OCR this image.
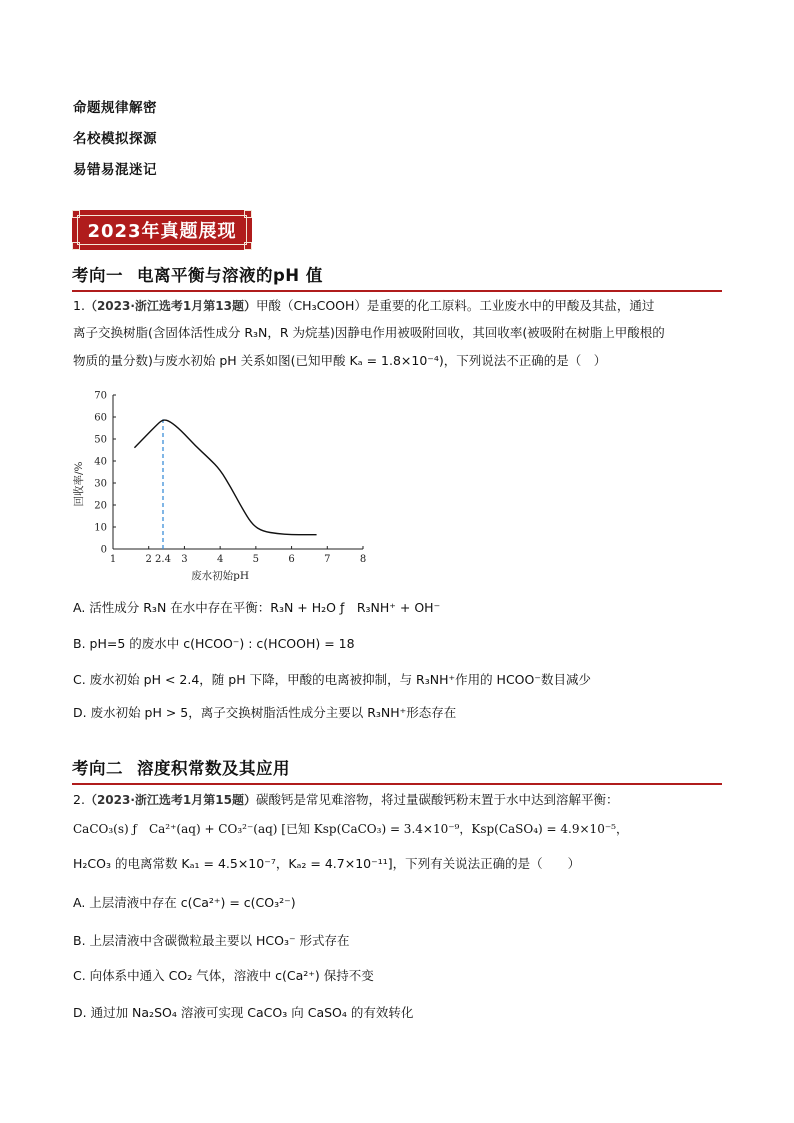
命题规律解密
名校模拟探源
易错易混迷记
2023年真题展现
考向一 电离平衡与溶液的pH 值
1.（2023·浙江选考1月第13题）甲酸（CH₃COOH）是重要的化工原料。工业废水中的甲酸及其盐，通过
离子交换树脂(含固体活性成分 R₃N，R 为烷基)因静电作用被吸附回收，其回收率(被吸附在树脂上甲酸根的
物质的量分数)与废水初始 pH 关系如图(已知甲酸 Kₐ = 1.8×10⁻⁴)，下列说法不正确的是（　）
1	2 2.4 3	4	5	6	7	8
0
10
20
30
40
50
60
70
废水初始pH
回收率/%
A. 活性成分 R₃N 在水中存在平衡：R₃N + H₂O ƒ　R₃NH⁺ + OH⁻
B. pH=5 的废水中 c(HCOO⁻) : c(HCOOH) = 18
C. 废水初始 pH < 2.4，随 pH 下降，甲酸的电离被抑制，与 R₃NH⁺作用的 HCOO⁻数目减少
D. 废水初始 pH > 5，离子交换树脂活性成分主要以 R₃NH⁺形态存在
考向二 溶度积常数及其应用
2.（2023·浙江选考1月第15题）碳酸钙是常见难溶物，将过量碳酸钙粉末置于水中达到溶解平衡：
CaCO₃(s) ƒ　Ca²⁺(aq) + CO₃²⁻(aq) [已知 Ksp(CaCO₃) = 3.4×10⁻⁹，Ksp(CaSO₄) = 4.9×10⁻⁵，
H₂CO₃ 的电离常数 Kₐ₁ = 4.5×10⁻⁷，Kₐ₂ = 4.7×10⁻¹¹]，下列有关说法正确的是（　　）
A. 上层清液中存在 c(Ca²⁺) = c(CO₃²⁻)
B. 上层清液中含碳微粒最主要以 HCO₃⁻ 形式存在
C. 向体系中通入 CO₂ 气体，溶液中 c(Ca²⁺) 保持不变
D. 通过加 Na₂SO₄ 溶液可实现 CaCO₃ 向 CaSO₄ 的有效转化
